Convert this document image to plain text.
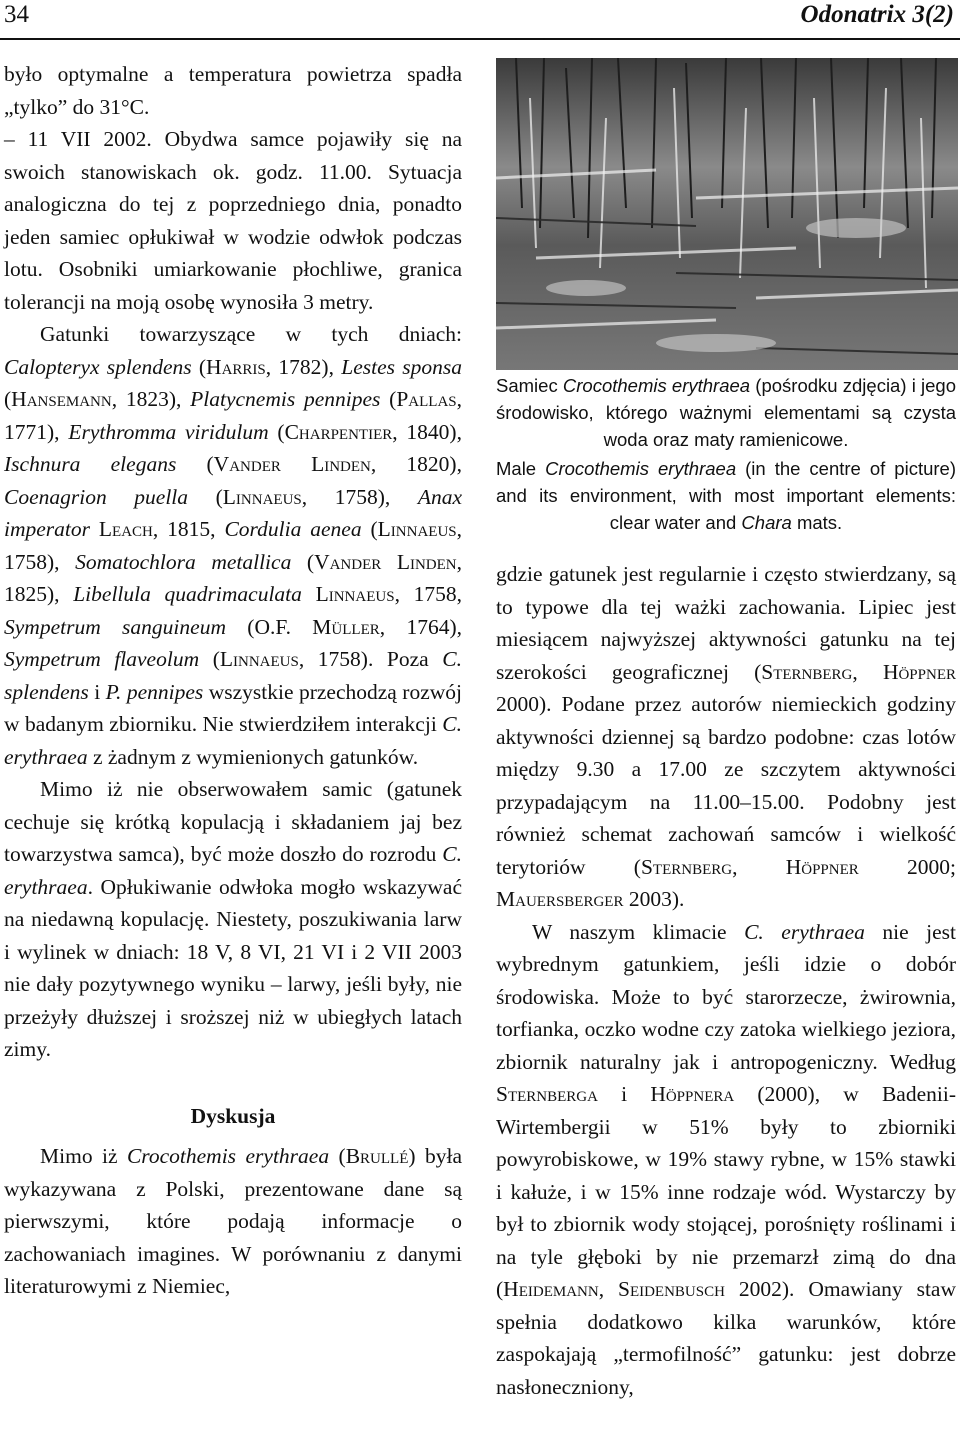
34	Odonatrix 3(2)

było optymalne a temperatura powietrza spadła „tylko” do 31°C.

– 11 VII 2002. Obydwa samce pojawiły się na swoich stanowiskach ok. godz. 11.00. Sytuacja analogiczna do tej z poprzedniego dnia, ponadto jeden samiec opłukiwał w wodzie odwłok podczas lotu. Osobniki umiarkowanie płochliwe, granica tolerancji na moją osobę wynosiła 3 metry.

Gatunki towarzyszące w tych dniach: Calopteryx splendens (Harris, 1782), Lestes sponsa (Hansemann, 1823), Platycnemis pennipes (Pallas, 1771), Erythromma viridulum (Charpentier, 1840), Ischnura elegans (Vander Linden, 1820), Coenagrion puella (Linnaeus, 1758), Anax imperator Leach, 1815, Cordulia aenea (Linnaeus, 1758), Somatochlora metallica (Vander Linden, 1825), Libellula quadrimaculata Linnaeus, 1758, Sympetrum sanguineum (O.F. Müller, 1764), Sympetrum flaveolum (Linnaeus, 1758). Poza C. splendens i P. pennipes wszystkie przechodzą rozwój w badanym zbiorniku. Nie stwierdziłem interakcji C. erythraea z żadnym z wymienionych gatunków.

Mimo iż nie obserwowałem samic (gatunek cechuje się krótką kopulacją i składaniem jaj bez towarzystwa samca), być może doszło do rozrodu C. erythraea. Opłukiwanie odwłoka mogło wskazywać na niedawną kopulację. Niestety, poszukiwania larw i wylinek w dniach: 18 V, 8 VI, 21 VI i 2 VII 2003 nie dały pozytywnego wyniku – larwy, jeśli były, nie przeżyły dłuższej i sroższej niż w ubiegłych latach zimy.

Dyskusja

Mimo iż Crocothemis erythraea (Brullé) była wykazywana z Polski, prezentowane dane są pierwszymi, które podają informacje o zachowaniach imagines. W porównaniu z danymi literaturowymi z Niemiec,

Samiec Crocothemis erythraea (pośrodku zdjęcia) i jego środowisko, którego ważnymi elementami są czysta woda oraz maty ramienicowe.

Male Crocothemis erythraea (in the centre of picture) and its environment, with most important elements: clear water and Chara mats.

gdzie gatunek jest regularnie i często stwierdzany, są to typowe dla tej ważki zachowania. Lipiec jest miesiącem najwyższej aktywności gatunku na tej szerokości geograficznej (Sternberg, Höppner 2000). Podane przez autorów niemieckich godziny aktywności dziennej są bardzo podobne: czas lotów między 9.30 a 17.00 ze szczytem aktywności przypadającym na 11.00–15.00. Podobny jest również schemat zachowań samców i wielkość terytoriów (Sternberg, Höppner 2000; Mauersberger 2003).

W naszym klimacie C. erythraea nie jest wybrednym gatunkiem, jeśli idzie o dobór środowiska. Może to być starorzecze, żwirownia, torfianka, oczko wodne czy zatoka wielkiego jeziora, zbiornik naturalny jak i antropogeniczny. Według Sternberga i Höppnera (2000), w Badenii-Wirtembergii w 51% były to zbiorniki powyrobiskowe, w 19% stawy rybne, w 15% stawki i kałuże, i w 15% inne rodzaje wód. Wystarczy by był to zbiornik wody stojącej, porośnięty roślinami i na tyle głęboki by nie przemarzł zimą do dna (Heidemann, Seidenbusch 2002). Omawiany staw spełnia dodatkowo kilka warunków, które zaspokajają „termofilność” gatunku: jest dobrze nasłoneczniony,
